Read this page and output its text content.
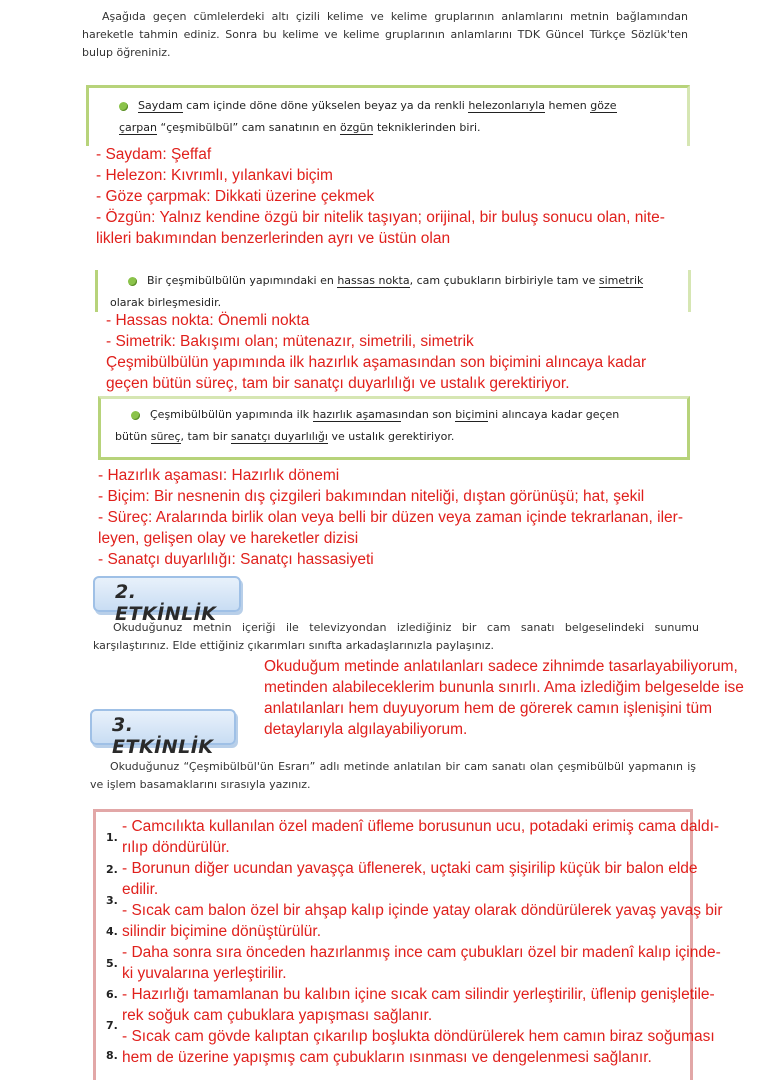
Aşağıda geçen cümlelerdeki altı çizili kelime ve kelime gruplarının anlamlarını metnin bağlamından hareketle tahmin ediniz. Sonra bu kelime ve kelime gruplarının anlamlarını TDK Güncel Türkçe Sözlük'ten bulup öğreniniz.
Saydam cam içinde döne döne yükselen beyaz ya da renkli helezonlarıyla hemen göze
çarpan “çeşmibülbül” cam sanatının en özgün tekniklerinden biri.
- Saydam: Şeffaf
- Helezon: Kıvrımlı, yılankavi biçim
- Göze çarpmak: Dikkati üzerine çekmek
- Özgün: Yalnız kendine özgü bir nitelik taşıyan; orijinal, bir buluş sonucu olan, nite-
likleri bakımından benzerlerinden ayrı ve üstün olan
Bir çeşmibülbülün yapımındaki en hassas nokta, cam çubukların birbiriyle tam ve simetrik
olarak birleşmesidir.
- Hassas nokta: Önemli nokta
- Simetrik: Bakışımı olan; mütenazır, simetrili, simetrik
Çeşmibülbülün yapımında ilk hazırlık aşamasından son biçimini alıncaya kadar
geçen bütün süreç, tam bir sanatçı duyarlılığı ve ustalık gerektiriyor.
Çeşmibülbülün yapımında ilk hazırlık aşamasından son biçimini alıncaya kadar geçen
bütün süreç, tam bir sanatçı duyarlılığı ve ustalık gerektiriyor.
- Hazırlık aşaması: Hazırlık dönemi
- Biçim: Bir nesnenin dış çizgileri bakımından niteliği, dıştan görünüşü; hat, şekil
- Süreç: Aralarında birlik olan veya belli bir düzen veya zaman içinde tekrarlanan, iler-
leyen, gelişen olay ve hareketler dizisi
- Sanatçı duyarlılığı: Sanatçı hassasiyeti
2. ETKİNLİK
Okuduğunuz metnin içeriği ile televizyondan izlediğiniz bir cam sanatı belgeselindeki sunumu karşılaştırınız. Elde ettiğiniz çıkarımları sınıfta arkadaşlarınızla paylaşınız.
Okuduğum metinde anlatılanları sadece zihnimde tasarlayabiliyorum,
metinden alabileceklerim bununla sınırlı. Ama izlediğim belgeselde ise
anlatılanları hem duyuyorum hem de görerek camın işlenişini tüm
detaylarıyla algılayabiliyorum.
3. ETKİNLİK
Okuduğunuz “Çeşmibülbül'ün Esrarı” adlı metinde anlatılan bir cam sanatı olan çeşmibülbül yapmanın iş ve işlem basamaklarını sırasıyla yazınız.
1.
2.
3.
4.
5.
6.
7.
8.
- Camcılıkta kullanılan özel madenî üfleme borusunun ucu, potadaki erimiş cama daldı-
rılıp döndürülür.
- Borunun diğer ucundan yavaşça üflenerek, uçtaki cam şişirilip küçük bir balon elde
edilir.
- Sıcak cam balon özel bir ahşap kalıp içinde yatay olarak döndürülerek yavaş yavaş bir
silindir biçimine dönüştürülür.
- Daha sonra sıra önceden hazırlanmış ince cam çubukları özel bir madenî kalıp içinde-
ki yuvalarına yerleştirilir.
- Hazırlığı tamamlanan bu kalıbın içine sıcak cam silindir yerleştirilir, üflenip genişletile-
rek soğuk cam çubuklara yapışması sağlanır.
- Sıcak cam gövde kalıptan çıkarılıp boşlukta döndürülerek hem camın biraz soğuması
hem de üzerine yapışmış cam çubukların ısınması ve dengelenmesi sağlanır.
